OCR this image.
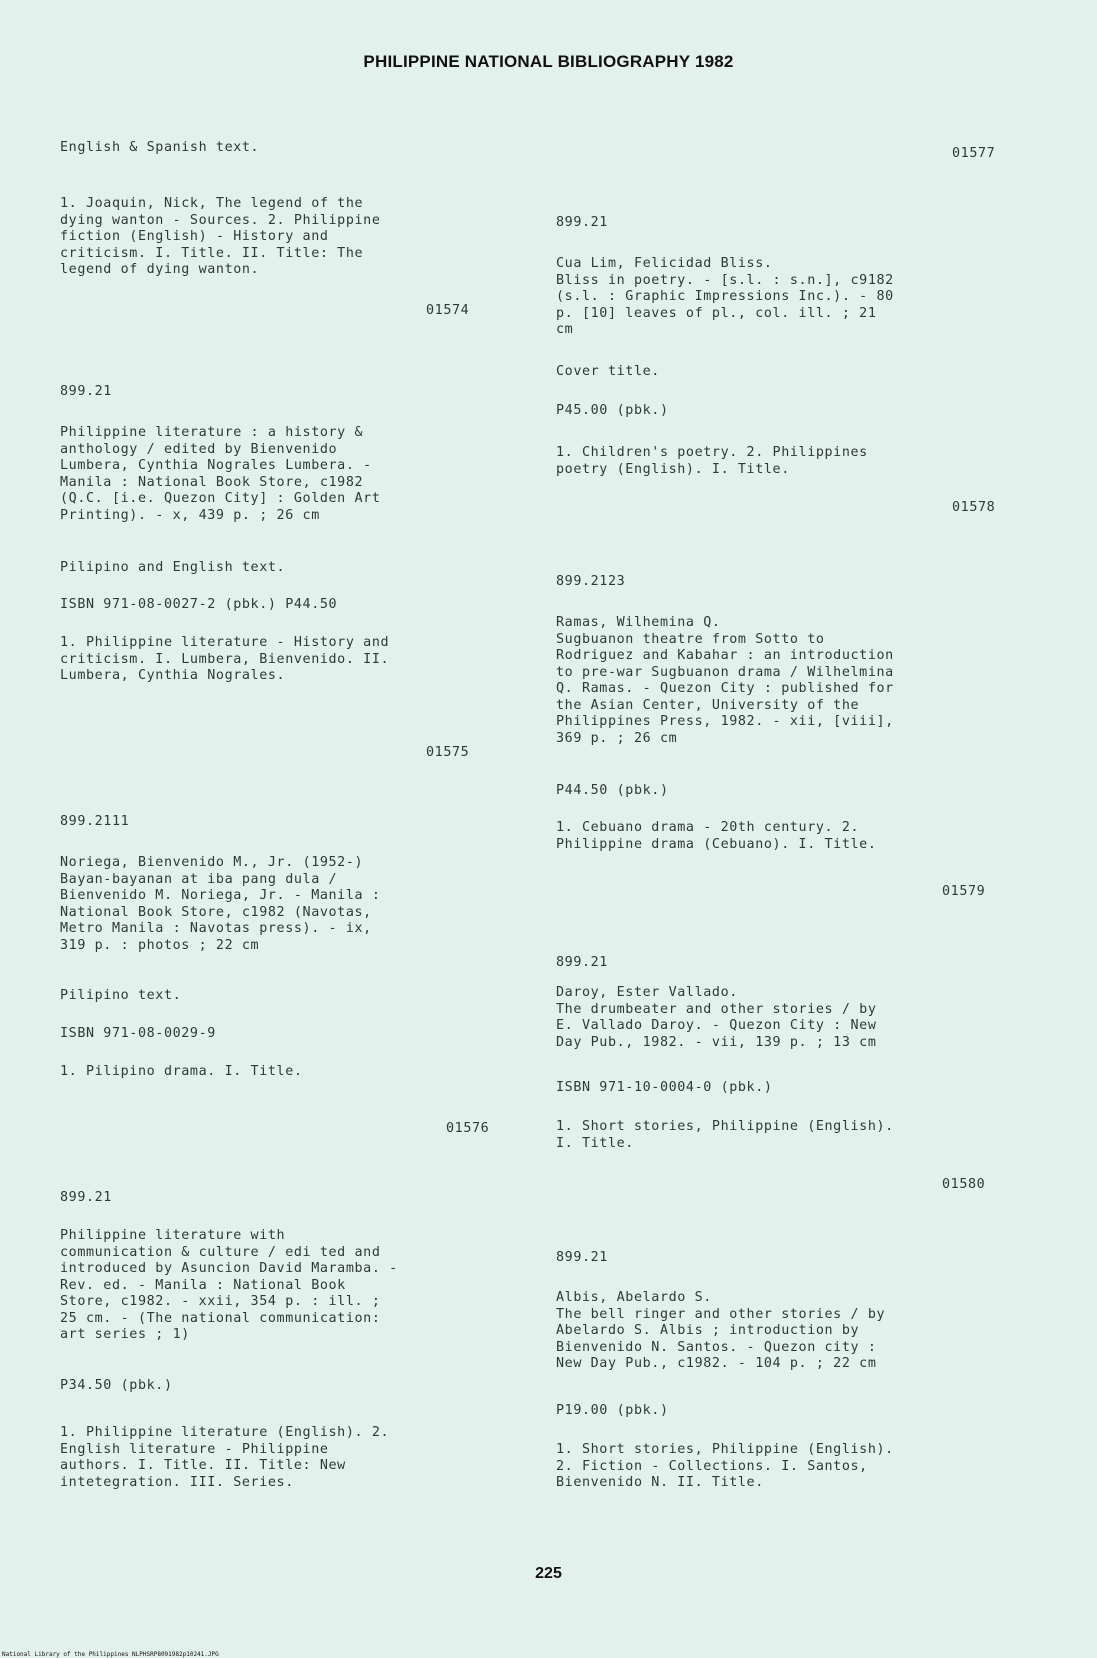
PHILIPPINE NATIONAL BIBLIOGRAPHY 1982

English & Spanish text.

1. Joaquin, Nick, The legend of the
dying wanton - Sources. 2. Philippine
fiction (English) - History and
criticism. I. Title. II. Title: The
legend of dying wanton.

01574

899.21

Philippine literature : a history &
anthology / edited by Bienvenido
Lumbera, Cynthia Nograles Lumbera. -
Manila : National Book Store, c1982
(Q.C. [i.e. Quezon City] : Golden Art
Printing). - x, 439 p. ; 26 cm

Pilipino and English text.

ISBN 971-08-0027-2 (pbk.) P44.50

1. Philippine literature - History and
criticism. I. Lumbera, Bienvenido. II.
Lumbera, Cynthia Nograles.

01575

899.2111

Noriega, Bienvenido M., Jr. (1952-)
Bayan-bayanan at iba pang dula /
Bienvenido M. Noriega, Jr. - Manila :
National Book Store, c1982 (Navotas,
Metro Manila : Navotas press). - ix,
319 p. : photos ; 22 cm

Pilipino text.

ISBN 971-08-0029-9

1. Pilipino drama. I. Title.

01576

899.21

Philippine literature with
communication & culture / edi ted and
introduced by Asuncion David Maramba. -
Rev. ed. - Manila : National Book
Store, c1982. - xxii, 354 p. : ill. ;
25 cm. - (The national communication:
art series ; 1)

P34.50 (pbk.)

1. Philippine literature (English). 2.
English literature - Philippine
authors. I. Title. II. Title: New
intetegration. III. Series.

01577

899.21

Cua Lim, Felicidad Bliss.
Bliss in poetry. - [s.l. : s.n.], c9182
(s.l. : Graphic Impressions Inc.). - 80
p. [10] leaves of pl., col. ill. ; 21
cm

Cover title.

P45.00 (pbk.)

1. Children's poetry. 2. Philippines
poetry (English). I. Title.

01578

899.2123

Ramas, Wilhemina Q.
Sugbuanon theatre from Sotto to
Rodriguez and Kabahar : an introduction
to pre-war Sugbuanon drama / Wilhelmina
Q. Ramas. - Quezon City : published for
the Asian Center, University of the
Philippines Press, 1982. - xii, [viii],
369 p. ; 26 cm

P44.50 (pbk.)

1. Cebuano drama - 20th century. 2.
Philippine drama (Cebuano). I. Title.

01579

899.21

Daroy, Ester Vallado.
The drumbeater and other stories / by
E. Vallado Daroy. - Quezon City : New
Day Pub., 1982. - vii, 139 p. ; 13 cm

ISBN 971-10-0004-0 (pbk.)

1. Short stories, Philippine (English).
I. Title.

01580

899.21

Albis, Abelardo S.
The bell ringer and other stories / by
Abelardo S. Albis ; introduction by
Bienvenido N. Santos. - Quezon city :
New Day Pub., c1982. - 104 p. ; 22 cm

P19.00 (pbk.)

1. Short stories, Philippine (English).
2. Fiction - Collections. I. Santos,
Bienvenido N. II. Title.

225
National Library of the Philippines NLPHSRP8091982p10241.JPG
